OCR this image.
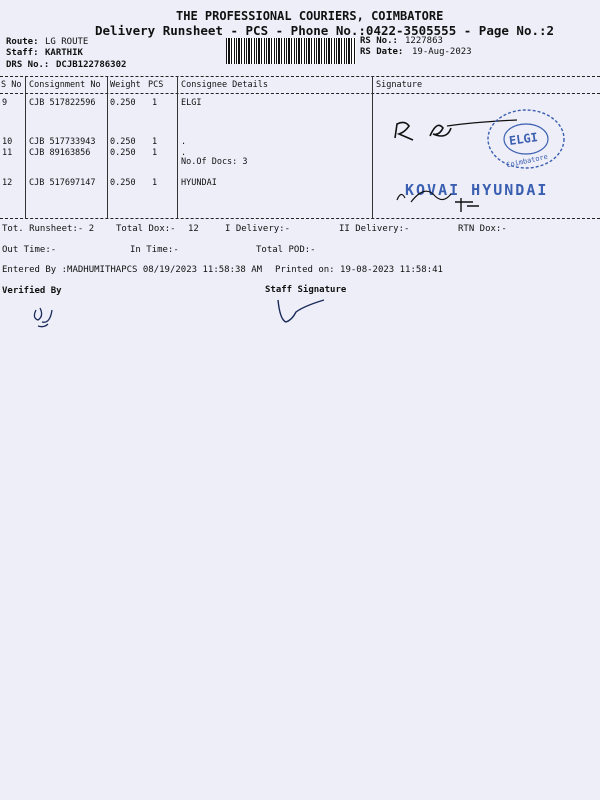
THE PROFESSIONAL COURIERS, COIMBATORE
Delivery Runsheet - PCS - Phone No.:0422-3505555 - Page No.:2
Route: LG ROUTE
Staff: KARTHIK
DRS No.: DCJB122786302
RS No.: 1227863
RS Date: 19-Aug-2023
S No Consignment No Weight PCS Consignee Details	Signature
9	CJB 517822596 0.250 1	ELGI
10 CJB 517733943 0.250 1	.
11 CJB 89163856 0.250 1	.
No.Of Docs: 3
12 CJB 517697147 0.250 1	HYUNDAI
ELGI
Coimbatore
KOVAI HYUNDAI
Tot. Runsheet:- 2 Total Dox:- 12	I Delivery:-	II Delivery:-	RTN Dox:-
Out Time:-	In Time:-	Total POD:-
Entered By :MADHUMITHAPCS 08/19/2023 11:58:38 AM Printed on: 19-08-2023 11:58:41
Verified By	Staff Signature
